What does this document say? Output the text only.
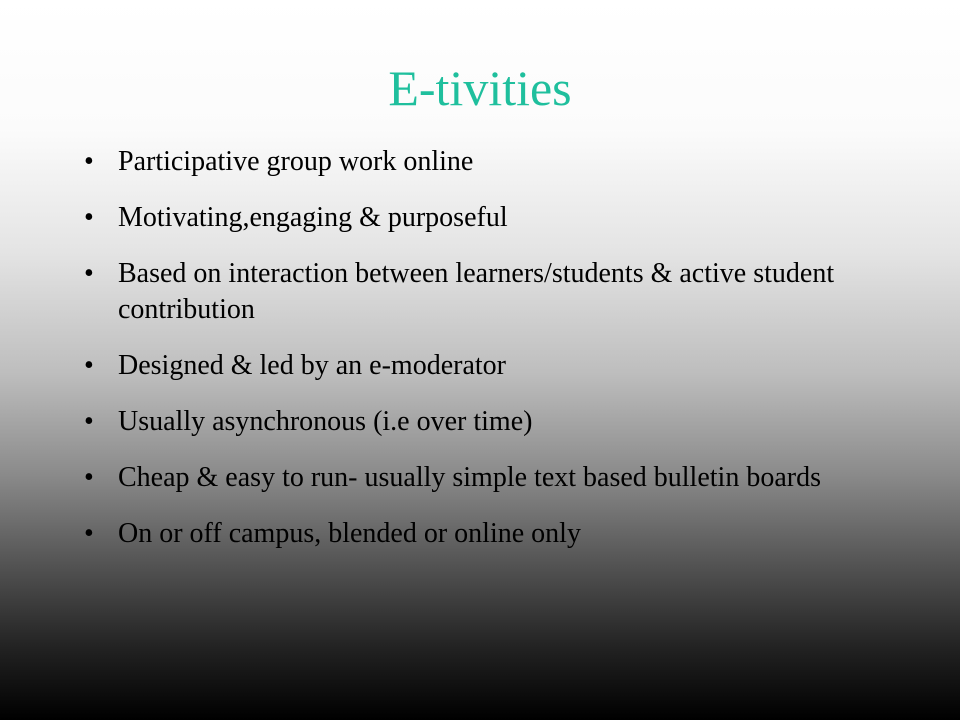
E-tivities
• Participative group work online
• Motivating,engaging & purposeful
• Based on interaction between learners/students & active student contribution
• Designed & led by an e-moderator
• Usually asynchronous (i.e over time)
• Cheap & easy to run- usually simple text based bulletin boards
• On or off campus, blended or online only
